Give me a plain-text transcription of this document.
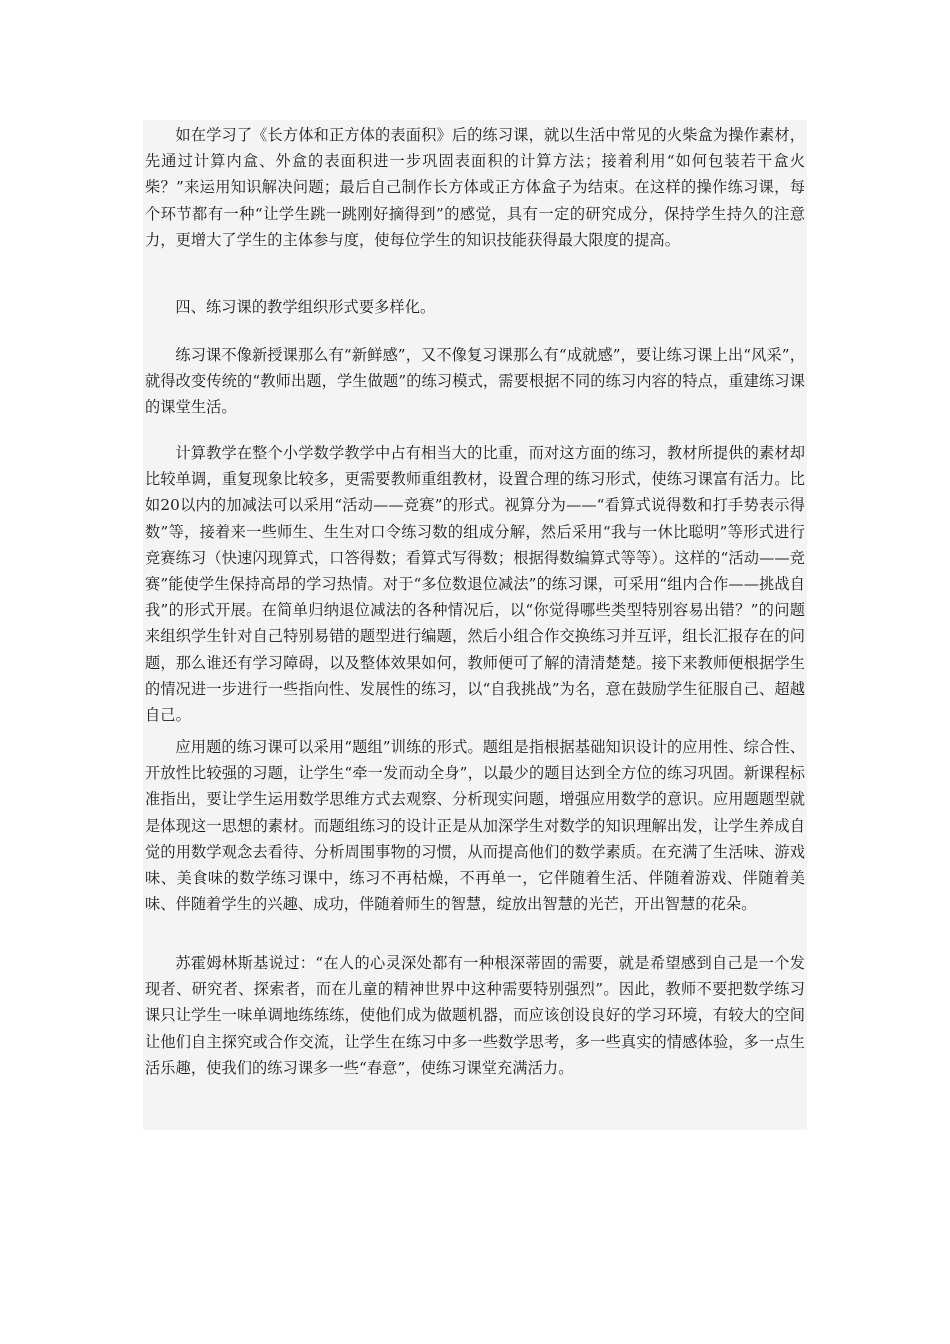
如在学习了《长方体和正方体的表面积》后的练习课，就以生活中常见的火柴盒为操作素材，先通过计算内盒、外盒的表面积进一步巩固表面积的计算方法；接着利用“如何包装若干盒火柴？”来运用知识解决问题；最后自己制作长方体或正方体盒子为结束。在这样的操作练习课，每个环节都有一种“让学生跳一跳刚好摘得到”的感觉，具有一定的研究成分，保持学生持久的注意力，更增大了学生的主体参与度，使每位学生的知识技能获得最大限度的提高。

四、练习课的教学组织形式要多样化。

练习课不像新授课那么有“新鲜感”，又不像复习课那么有“成就感”，要让练习课上出“风采”，就得改变传统的“教师出题，学生做题”的练习模式，需要根据不同的练习内容的特点，重建练习课的课堂生活。

计算教学在整个小学数学教学中占有相当大的比重，而对这方面的练习，教材所提供的素材却比较单调，重复现象比较多，更需要教师重组教材，设置合理的练习形式，使练习课富有活力。比如20以内的加减法可以采用“活动——竞赛”的形式。视算分为——“看算式说得数和打手势表示得数”等，接着来一些师生、生生对口令练习数的组成分解，然后采用“我与一休比聪明”等形式进行竞赛练习（快速闪现算式，口答得数；看算式写得数；根据得数编算式等等）。这样的“活动——竞赛”能使学生保持高昂的学习热情。对于“多位数退位减法”的练习课，可采用“组内合作——挑战自我”的形式开展。在简单归纳退位减法的各种情况后，以“你觉得哪些类型特别容易出错？”的问题来组织学生针对自己特别易错的题型进行编题，然后小组合作交换练习并互评，组长汇报存在的问题，那么谁还有学习障碍，以及整体效果如何，教师便可了解的清清楚楚。接下来教师便根据学生的情况进一步进行一些指向性、发展性的练习，以“自我挑战”为名，意在鼓励学生征服自己、超越自己。

应用题的练习课可以采用“题组”训练的形式。题组是指根据基础知识设计的应用性、综合性、开放性比较强的习题，让学生“牵一发而动全身”，以最少的题目达到全方位的练习巩固。新课程标准指出，要让学生运用数学思维方式去观察、分析现实问题，增强应用数学的意识。应用题题型就是体现这一思想的素材。而题组练习的设计正是从加深学生对数学的知识理解出发，让学生养成自觉的用数学观念去看待、分析周围事物的习惯，从而提高他们的数学素质。在充满了生活味、游戏味、美食味的数学练习课中，练习不再枯燥，不再单一，它伴随着生活、伴随着游戏、伴随着美味、伴随着学生的兴趣、成功，伴随着师生的智慧，绽放出智慧的光芒，开出智慧的花朵。

苏霍姆林斯基说过：“在人的心灵深处都有一种根深蒂固的需要，就是希望感到自己是一个发现者、研究者、探索者，而在儿童的精神世界中这种需要特别强烈”。因此，教师不要把数学练习课只让学生一味单调地练练练，使他们成为做题机器，而应该创设良好的学习环境，有较大的空间让他们自主探究或合作交流，让学生在练习中多一些数学思考，多一些真实的情感体验，多一点生活乐趣，使我们的练习课多一些“春意”，使练习课堂充满活力。
